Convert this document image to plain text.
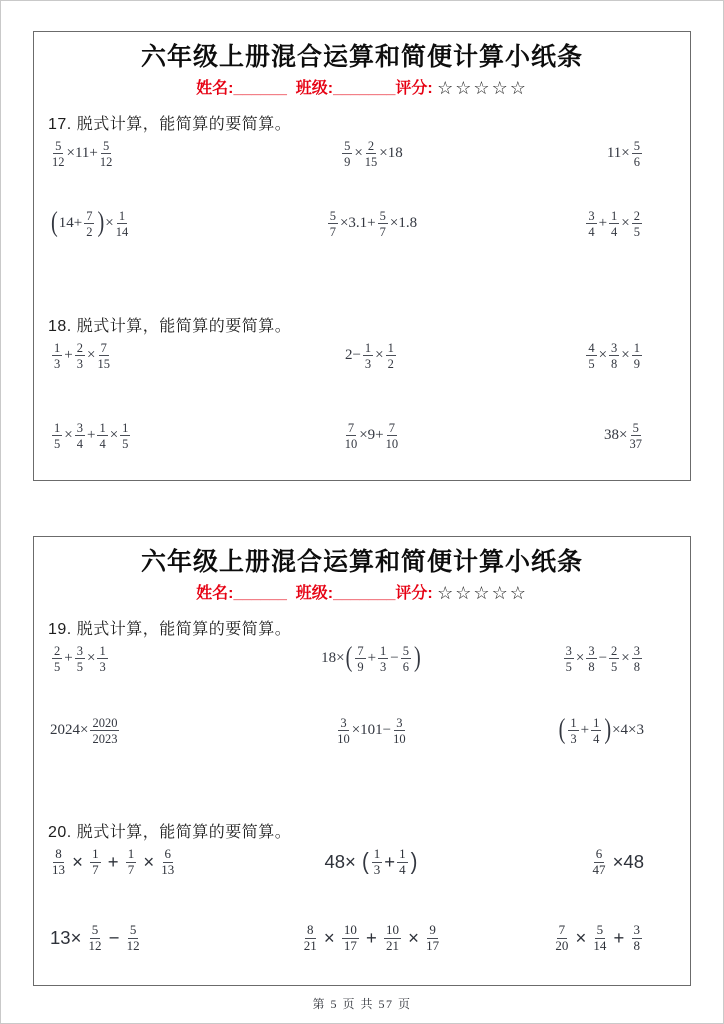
六年级上册混合运算和简便计算小纸条
姓名:______  班级:_______评分: ☆☆☆☆☆
17. 脱式计算，能简算的要简算。
$\frac{5}{12} \times 11+ \frac{5}{12}$	$\frac{5}{9} \times \frac{2}{15} \times 18$	$11\times \frac{5}{6}$
( $14+ \frac{7}{2}$ ) × $\frac{1}{14}$	$\frac{5}{7} \times 3.1+ \frac{5}{7} \times 1.8$	$\frac{3}{4} + \frac{1}{4} \times \frac{2}{5}$
18. 脱式计算，能简算的要简算。
$\frac{1}{3} + \frac{2}{3} \times \frac{7}{15}$	$2- \frac{1}{3} \times \frac{1}{2}$	$\frac{4}{5} \times \frac{3}{8} \times \frac{1}{9}$
$\frac{1}{5} \times \frac{3}{4} + \frac{1}{4} \times \frac{1}{5}$	$\frac{7}{10} \times 9+ \frac{7}{10}$	$38\times \frac{5}{37}$
六年级上册混合运算和简便计算小纸条
姓名:______  班级:_______评分: ☆☆☆☆☆
19. 脱式计算，能简算的要简算。
$\frac{2}{5} + \frac{3}{5} \times \frac{1}{3}$	18× ( $\frac{7}{9} + \frac{1}{3} - \frac{5}{6}$ )	$\frac{3}{5} \times \frac{3}{8} - \frac{2}{5} \times \frac{3}{8}$
$2024\times \frac{2020}{2023}$	$\frac{3}{10} \times 101- \frac{3}{10}$	( $\frac{1}{3} + \frac{1}{4}$ ) ×4×3
20. 脱式计算，能简算的要简算。
$\frac{8}{13} \times \frac{1}{7} + \frac{1}{7} \times \frac{6}{13}$	48× ( $\frac{1}{3} + \frac{1}{4}$ )	$\frac{6}{47} \times 48$
$13\times \frac{5}{12} - \frac{5}{12}$	$\frac{8}{21} \times \frac{10}{17} + \frac{10}{21} \times \frac{9}{17}$	$\frac{7}{20} \times \frac{5}{14} + \frac{3}{8}$
第 5 页 共 57 页
